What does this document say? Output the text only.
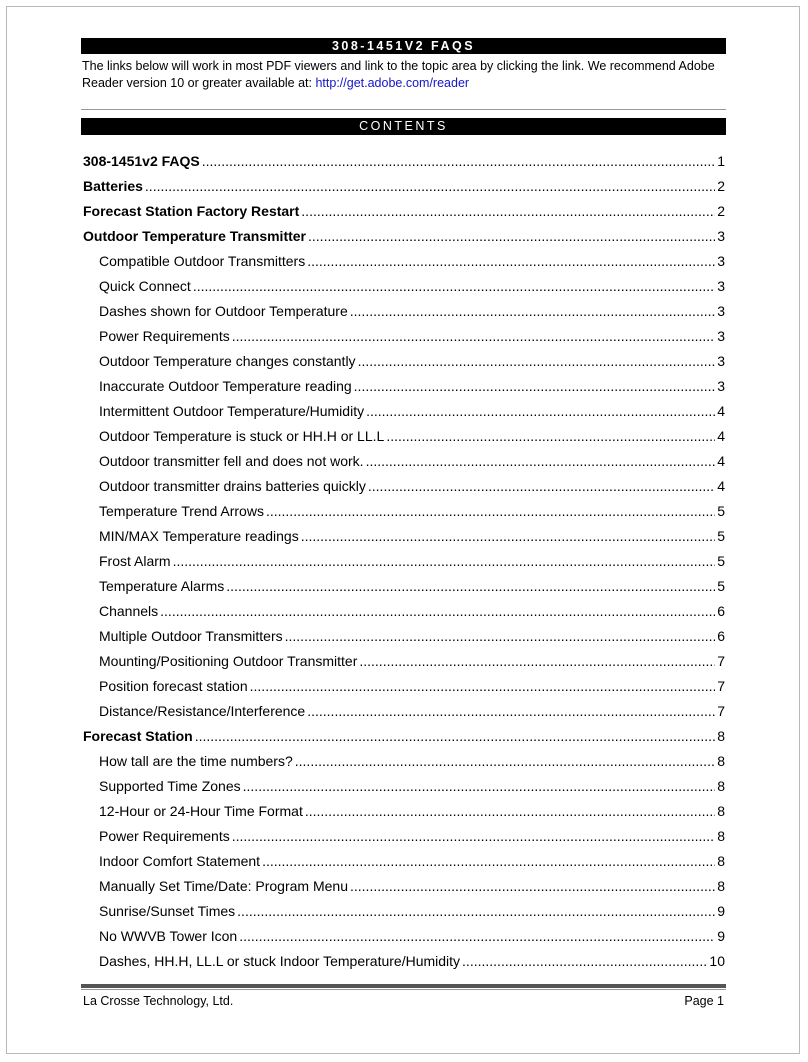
308-1451V2 FAQS
The links below will work in most PDF viewers and link to the topic area by clicking the link. We recommend Adobe Reader version 10 or greater available at: http://get.adobe.com/reader
CONTENTS
308-1451v2 FAQS .....	1
Batteries .....	2
Forecast Station Factory Restart .....	2
Outdoor Temperature Transmitter .....	3
Compatible Outdoor Transmitters .....	3
Quick Connect .....	3
Dashes shown for Outdoor Temperature .....	3
Power Requirements .....	3
Outdoor Temperature changes constantly .....	3
Inaccurate Outdoor Temperature reading .....	3
Intermittent Outdoor Temperature/Humidity .....	4
Outdoor Temperature is stuck or HH.H or LL.L .....	4
Outdoor transmitter fell and does not work. .....	4
Outdoor transmitter drains batteries quickly .....	4
Temperature Trend Arrows .....	5
MIN/MAX Temperature readings .....	5
Frost Alarm .....	5
Temperature Alarms .....	5
Channels .....	6
Multiple Outdoor Transmitters .....	6
Mounting/Positioning Outdoor Transmitter .....	7
Position forecast station .....	7
Distance/Resistance/Interference .....	7
Forecast Station .....	8
How tall are the time numbers? .....	8
Supported Time Zones .....	8
12-Hour or 24-Hour Time Format .....	8
Power Requirements .....	8
Indoor Comfort Statement .....	8
Manually Set Time/Date: Program Menu .....	8
Sunrise/Sunset Times .....	9
No WWVB Tower Icon .....	9
Dashes, HH.H, LL.L or stuck Indoor Temperature/Humidity .....	10
La Crosse Technology, Ltd.	Page 1
